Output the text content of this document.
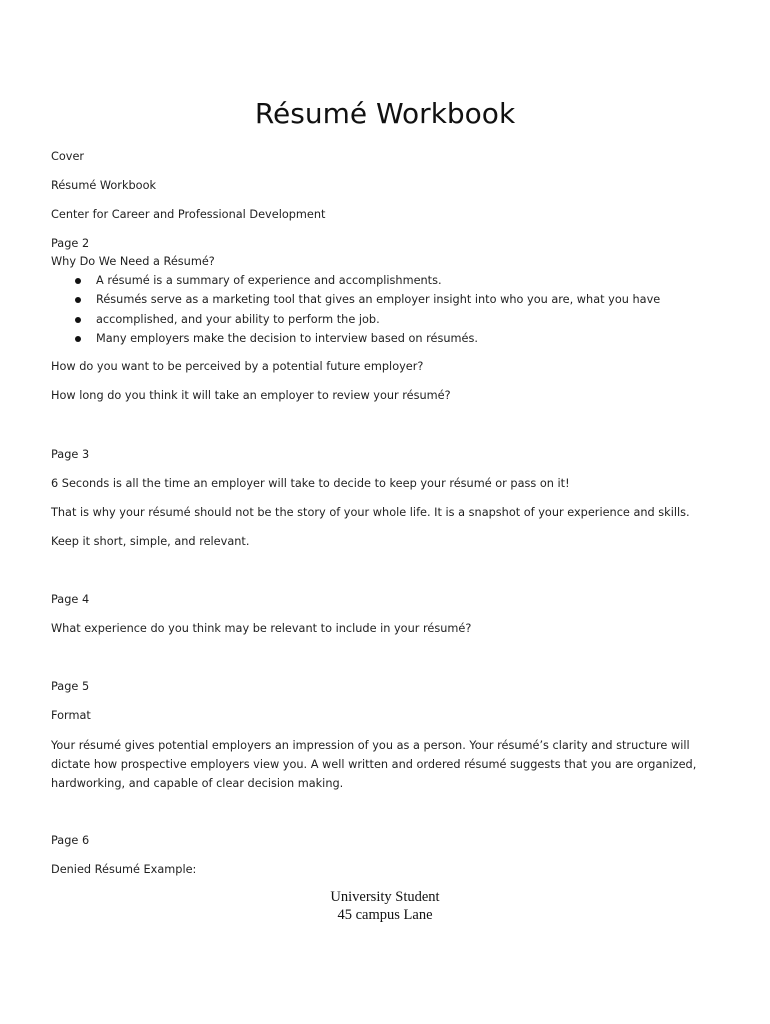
Résumé Workbook
Cover
Résumé Workbook
Center for Career and Professional Development
Page 2
Why Do We Need a Résumé?
A résumé is a summary of experience and accomplishments.
Résumés serve as a marketing tool that gives an employer insight into who you are, what you have
accomplished, and your ability to perform the job.
Many employers make the decision to interview based on résumés.
How do you want to be perceived by a potential future employer?
How long do you think it will take an employer to review your résumé?
Page 3
6 Seconds is all the time an employer will take to decide to keep your résumé or pass on it!
That is why your résumé should not be the story of your whole life. It is a snapshot of your experience and skills.
Keep it short, simple, and relevant.
Page 4
What experience do you think may be relevant to include in your résumé?
Page 5
Format
Your résumé gives potential employers an impression of you as a person. Your résumé’s clarity and structure will dictate how prospective employers view you. A well written and ordered résumé suggests that you are organized, hardworking, and capable of clear decision making.
Page 6
Denied Résumé Example:
University Student
45 campus Lane
